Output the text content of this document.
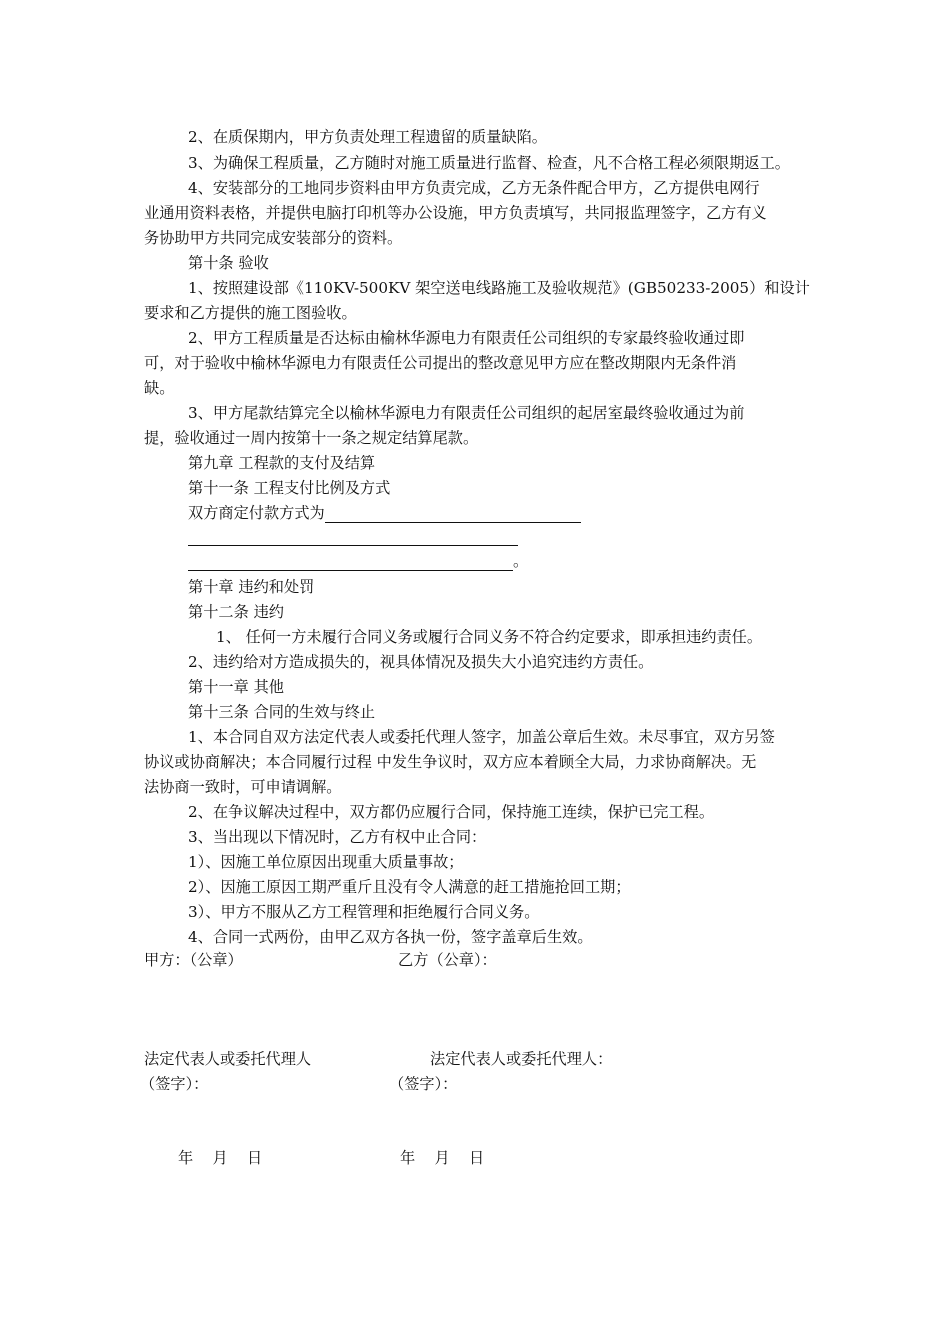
2、在质保期内，甲方负责处理工程遗留的质量缺陷。
3、为确保工程质量，乙方随时对施工质量进行监督、检查，凡不合格工程必须限期返工。
4、安装部分的工地同步资料由甲方负责完成，乙方无条件配合甲方，乙方提供电网行
业通用资料表格，并提供电脑打印机等办公设施，甲方负责填写，共同报监理签字，乙方有义
务协助甲方共同完成安装部分的资料。
第十条 验收
1、按照建设部《110KV-500KV 架空送电线路施工及验收规范》(GB50233-2005）和设计
要求和乙方提供的施工图验收。
2、甲方工程质量是否达标由榆林华源电力有限责任公司组织的专家最终验收通过即
可，对于验收中榆林华源电力有限责任公司提出的整改意见甲方应在整改期限内无条件消
缺。
3、甲方尾款结算完全以榆林华源电力有限责任公司组织的起居室最终验收通过为前
提，验收通过一周内按第十一条之规定结算尾款。
第九章 工程款的支付及结算
第十一条 工程支付比例及方式
双方商定付款方式为
。
第十章 违约和处罚
第十二条 违约
1、 任何一方未履行合同义务或履行合同义务不符合约定要求，即承担违约责任。
2、违约给对方造成损失的，视具体情况及损失大小追究违约方责任。
第十一章 其他
第十三条 合同的生效与终止
1、本合同自双方法定代表人或委托代理人签字，加盖公章后生效。未尽事宜，双方另签
协议或协商解决；本合同履行过程 中发生争议时，双方应本着顾全大局，力求协商解决。无
法协商一致时，可申请调解。
2、在争议解决过程中，双方都仍应履行合同，保持施工连续，保护已完工程。
3、当出现以下情况时，乙方有权中止合同：
1）、因施工单位原因出现重大质量事故；
2）、因施工原因工期严重斤且没有令人满意的赶工措施抢回工期；
3）、甲方不服从乙方工程管理和拒绝履行合同义务。
4、合同一式两份，由甲乙双方各执一份，签字盖章后生效。
甲方：（公章）	乙方（公章）：
法定代表人或委托代理人	法定代表人或委托代理人：
（签字）：	（签字）：
年    月    日	年    月    日
